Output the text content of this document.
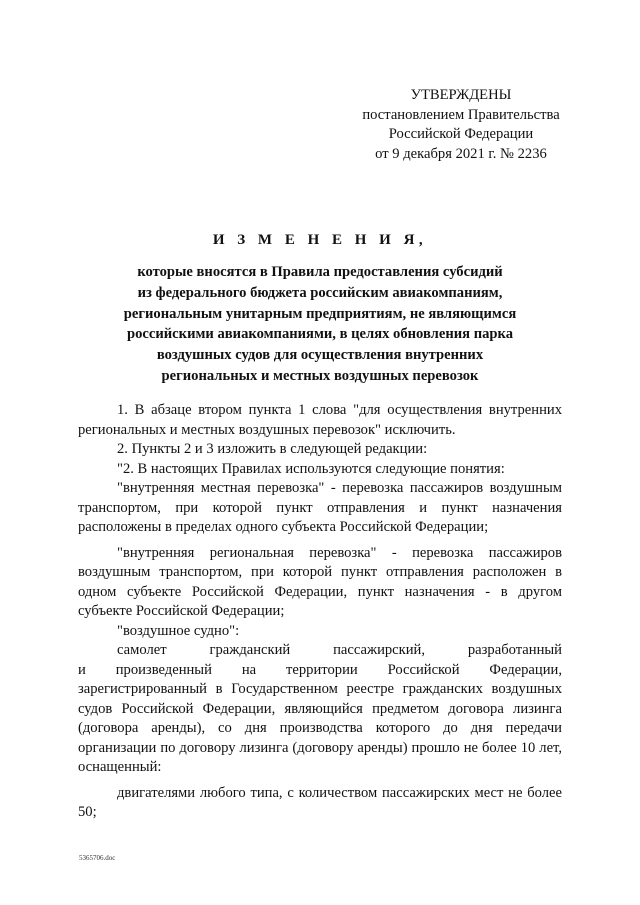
УТВЕРЖДЕНЫ
постановлением Правительства
Российской Федерации
от 9 декабря 2021 г. № 2236
И З М Е Н Е Н И Я,
которые вносятся в Правила предоставления субсидий
из федерального бюджета российским авиакомпаниям,
региональным унитарным предприятиям, не являющимся
российскими авиакомпаниями, в целях обновления парка
воздушных судов для осуществления внутренних
региональных и местных воздушных перевозок
1. В абзаце втором пункта 1 слова "для осуществления внутренних региональных и местных воздушных перевозок" исключить.
2. Пункты 2 и 3 изложить в следующей редакции:
"2. В настоящих Правилах используются следующие понятия:
"внутренняя местная перевозка" - перевозка пассажиров воздушным транспортом, при которой пункт отправления и пункт назначения расположены в пределах одного субъекта Российской Федерации;
"внутренняя региональная перевозка" - перевозка пассажиров воздушным транспортом, при которой пункт отправления расположен в одном субъекте Российской Федерации, пункт назначения - в другом субъекте Российской Федерации;
"воздушное судно":
самолет гражданский пассажирский, разработанный
и произведенный на территории Российской Федерации,
зарегистрированный в Государственном реестре гражданских воздушных судов Российской Федерации, являющийся предметом договора лизинга (договора аренды), со дня производства которого до дня передачи организации по договору лизинга (договору аренды) прошло не более 10 лет, оснащенный:
двигателями любого типа, с количеством пассажирских мест не более 50;
5365706.doc
